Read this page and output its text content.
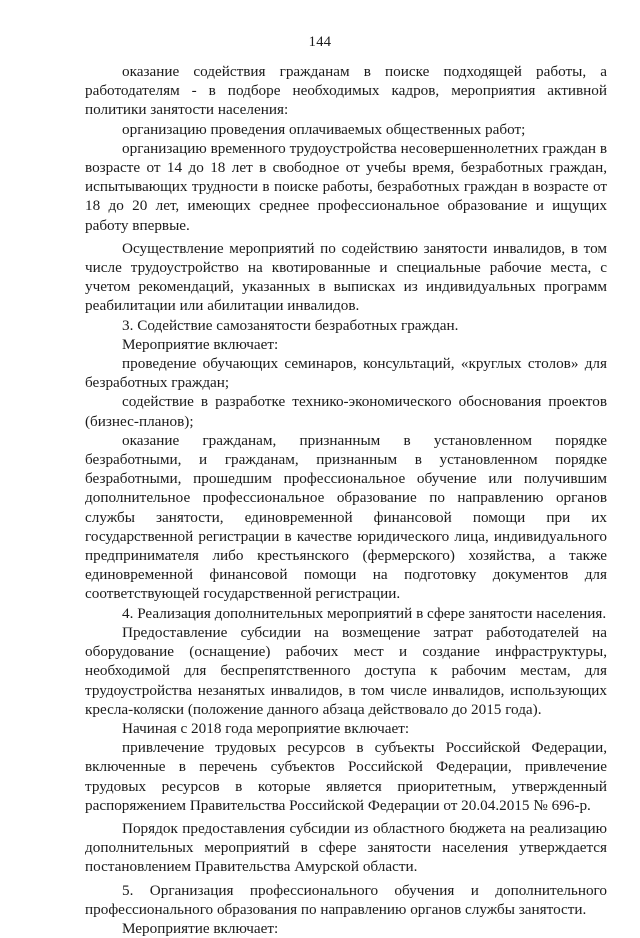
144

оказание содействия гражданам в поиске подходящей работы, а работодателям - в подборе необходимых кадров, мероприятия активной политики занятости населения:

организацию проведения оплачиваемых общественных работ;

организацию временного трудоустройства несовершеннолетних граждан в возрасте от 14 до 18 лет в свободное от учебы время, безработных граждан, испытывающих трудности в поиске работы, безработных граждан в возрасте от 18 до 20 лет, имеющих среднее профессиональное образование и ищущих работу впервые.

Осуществление мероприятий по содействию занятости инвалидов, в том числе трудоустройство на квотированные и специальные рабочие места, с учетом рекомендаций, указанных в выписках из индивидуальных программ реабилитации или абилитации инвалидов.

3. Содействие самозанятости безработных граждан.

Мероприятие включает:

проведение обучающих семинаров, консультаций, «круглых столов» для безработных граждан;

содействие в разработке технико-экономического обоснования проектов (бизнес-планов);

оказание гражданам, признанным в установленном порядке безработными, и гражданам, признанным в установленном порядке безработными, прошедшим профессиональное обучение или получившим дополнительное профессиональное образование по направлению органов службы занятости, единовременной финансовой помощи при их государственной регистрации в качестве юридического лица, индивидуального предпринимателя либо крестьянского (фермерского) хозяйства, а также единовременной финансовой помощи на подготовку документов для соответствующей государственной регистрации.

4. Реализация дополнительных мероприятий в сфере занятости населения.

Предоставление субсидии на возмещение затрат работодателей на оборудование (оснащение) рабочих мест и создание инфраструктуры, необходимой для беспрепятственного доступа к рабочим местам, для трудоустройства незанятых инвалидов, в том числе инвалидов, использующих кресла-коляски (положение данного абзаца действовало до 2015 года).

Начиная с 2018 года мероприятие включает:

привлечение трудовых ресурсов в субъекты Российской Федерации, включенные в перечень субъектов Российской Федерации, привлечение трудовых ресурсов в которые является приоритетным, утвержденный распоряжением Правительства Российской Федерации от 20.04.2015 № 696-р.

Порядок предоставления субсидии из областного бюджета на реализацию дополнительных мероприятий в сфере занятости населения утверждается постановлением Правительства Амурской области.

5. Организация профессионального обучения и дополнительного профессионального образования по направлению органов службы занятости.

Мероприятие включает:
